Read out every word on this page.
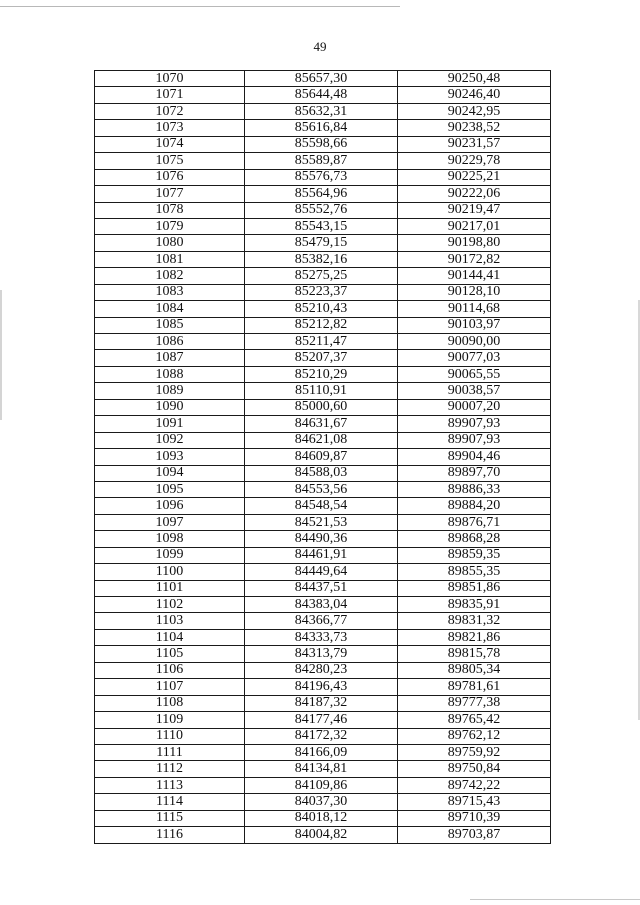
49
1070	85657,30	90250,48
1071	85644,48	90246,40
1072	85632,31	90242,95
1073	85616,84	90238,52
1074	85598,66	90231,57
1075	85589,87	90229,78
1076	85576,73	90225,21
1077	85564,96	90222,06
1078	85552,76	90219,47
1079	85543,15	90217,01
1080	85479,15	90198,80
1081	85382,16	90172,82
1082	85275,25	90144,41
1083	85223,37	90128,10
1084	85210,43	90114,68
1085	85212,82	90103,97
1086	85211,47	90090,00
1087	85207,37	90077,03
1088	85210,29	90065,55
1089	85110,91	90038,57
1090	85000,60	90007,20
1091	84631,67	89907,93
1092	84621,08	89907,93
1093	84609,87	89904,46
1094	84588,03	89897,70
1095	84553,56	89886,33
1096	84548,54	89884,20
1097	84521,53	89876,71
1098	84490,36	89868,28
1099	84461,91	89859,35
1100	84449,64	89855,35
1101	84437,51	89851,86
1102	84383,04	89835,91
1103	84366,77	89831,32
1104	84333,73	89821,86
1105	84313,79	89815,78
1106	84280,23	89805,34
1107	84196,43	89781,61
1108	84187,32	89777,38
1109	84177,46	89765,42
1110	84172,32	89762,12
1111	84166,09	89759,92
1112	84134,81	89750,84
1113	84109,86	89742,22
1114	84037,30	89715,43
1115	84018,12	89710,39
1116	84004,82	89703,87
